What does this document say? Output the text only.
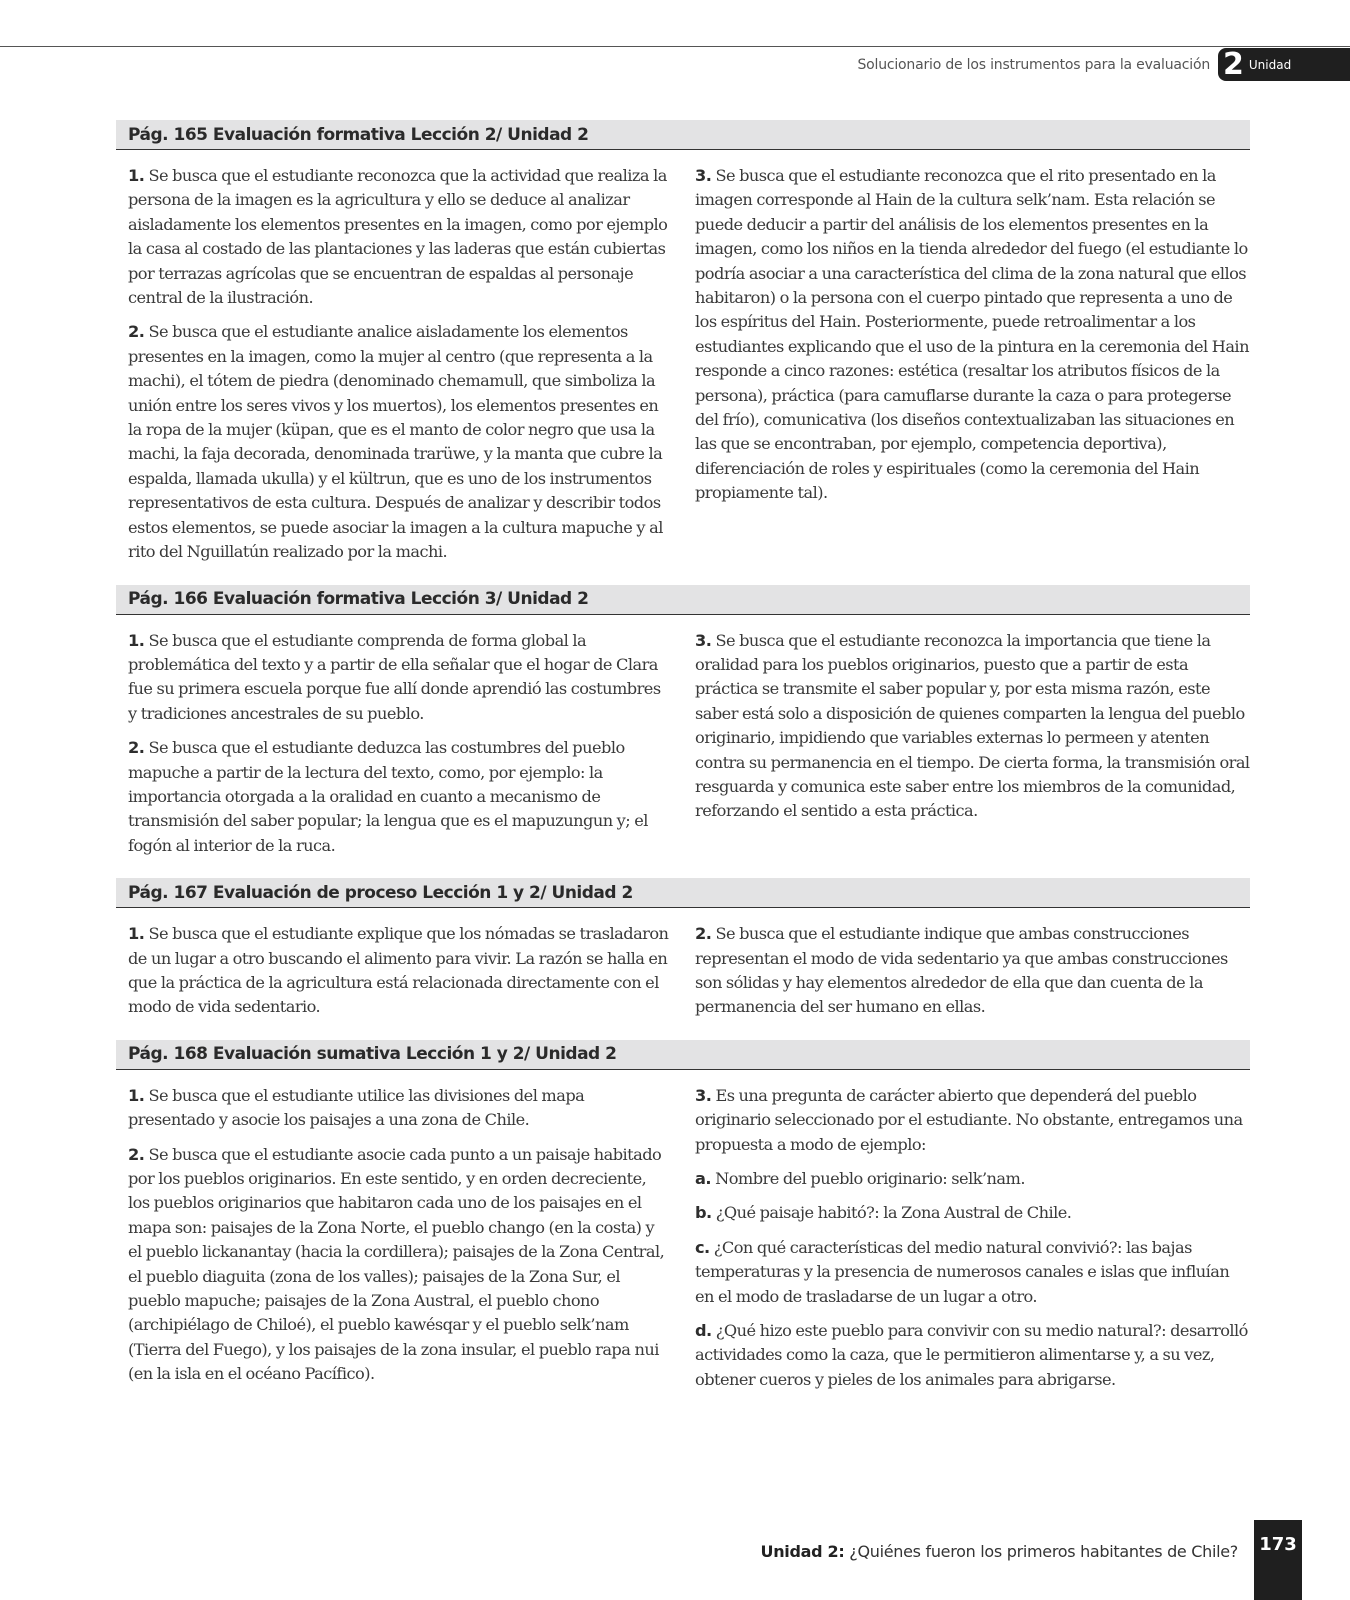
Solucionario de los instrumentos para la evaluación 2 Unidad
Pág. 165 Evaluación formativa Lección 2/ Unidad 2

1. Se busca que el estudiante reconozca que la actividad que realiza la persona de la imagen es la agricultura y ello se deduce al analizar aisladamente los elementos presentes en la imagen, como por ejemplo la casa al costado de las plantaciones y las laderas que están cubiertas por terrazas agrícolas que se encuentran de espaldas al personaje central de la ilustración.

2. Se busca que el estudiante analice aisladamente los elementos presentes en la imagen, como la mujer al centro (que representa a la machi), el tótem de piedra (denominado chemamull, que simboliza la unión entre los seres vivos y los muertos), los elementos presentes en la ropa de la mujer (küpan, que es el manto de color negro que usa la machi, la faja decorada, denominada trarüwe, y la manta que cubre la espalda, llamada ukulla) y el kültrun, que es uno de los instrumentos representativos de esta cultura. Después de analizar y describir todos estos elementos, se puede asociar la imagen a la cultura mapuche y al rito del Nguillatún realizado por la machi.

3. Se busca que el estudiante reconozca que el rito presentado en la imagen corresponde al Hain de la cultura selk’nam. Esta relación se puede deducir a partir del análisis de los elementos presentes en la imagen, como los niños en la tienda alrededor del fuego (el estudiante lo podría asociar a una característica del clima de la zona natural que ellos habitaron) o la persona con el cuerpo pintado que representa a uno de los espíritus del Hain. Posteriormente, puede retroalimentar a los estudiantes explicando que el uso de la pintura en la ceremonia del Hain responde a cinco razones: estética (resaltar los atributos físicos de la persona), práctica (para camuflarse durante la caza o para protegerse del frío), comunicativa (los diseños contextualizaban las situaciones en las que se encontraban, por ejemplo, competencia deportiva), diferenciación de roles y espirituales (como la ceremonia del Hain propiamente tal).

Pág. 166 Evaluación formativa Lección 3/ Unidad 2

1. Se busca que el estudiante comprenda de forma global la problemática del texto y a partir de ella señalar que el hogar de Clara fue su primera escuela porque fue allí donde aprendió las costumbres y tradiciones ancestrales de su pueblo.

2. Se busca que el estudiante deduzca las costumbres del pueblo mapuche a partir de la lectura del texto, como, por ejemplo: la importancia otorgada a la oralidad en cuanto a mecanismo de transmisión del saber popular; la lengua que es el mapuzungun y; el fogón al interior de la ruca.

3. Se busca que el estudiante reconozca la importancia que tiene la oralidad para los pueblos originarios, puesto que a partir de esta práctica se transmite el saber popular y, por esta misma razón, este saber está solo a disposición de quienes comparten la lengua del pueblo originario, impidiendo que variables externas lo permeen y atenten contra su permanencia en el tiempo. De cierta forma, la transmisión oral resguarda y comunica este saber entre los miembros de la comunidad, reforzando el sentido a esta práctica.

Pág. 167 Evaluación de proceso Lección 1 y 2/ Unidad 2

1. Se busca que el estudiante explique que los nómadas se trasladaron de un lugar a otro buscando el alimento para vivir. La razón se halla en que la práctica de la agricultura está relacionada directamente con el modo de vida sedentario.

2. Se busca que el estudiante indique que ambas construcciones representan el modo de vida sedentario ya que ambas construcciones son sólidas y hay elementos alrededor de ella que dan cuenta de la permanencia del ser humano en ellas.

Pág. 168 Evaluación sumativa Lección 1 y 2/ Unidad 2

1. Se busca que el estudiante utilice las divisiones del mapa presentado y asocie los paisajes a una zona de Chile.

2. Se busca que el estudiante asocie cada punto a un paisaje habitado por los pueblos originarios. En este sentido, y en orden decreciente, los pueblos originarios que habitaron cada uno de los paisajes en el mapa son: paisajes de la Zona Norte, el pueblo chango (en la costa) y el pueblo lickanantay (hacia la cordillera); paisajes de la Zona Central, el pueblo diaguita (zona de los valles); paisajes de la Zona Sur, el pueblo mapuche; paisajes de la Zona Austral, el pueblo chono (archipiélago de Chiloé), el pueblo kawésqar y el pueblo selk’nam (Tierra del Fuego), y los paisajes de la zona insular, el pueblo rapa nui (en la isla en el océano Pacífico).

3. Es una pregunta de carácter abierto que dependerá del pueblo originario seleccionado por el estudiante. No obstante, entregamos una propuesta a modo de ejemplo:

a. Nombre del pueblo originario: selk’nam.

b. ¿Qué paisaje habitó?: la Zona Austral de Chile.

c. ¿Con qué características del medio natural convivió?: las bajas temperaturas y la presencia de numerosos canales e islas que influían en el modo de trasladarse de un lugar a otro.

d. ¿Qué hizo este pueblo para convivir con su medio natural?: desarrolló actividades como la caza, que le permitieron alimentarse y, a su vez, obtener cueros y pieles de los animales para abrigarse.

Unidad 2: ¿Quiénes fueron los primeros habitantes de Chile? 173
